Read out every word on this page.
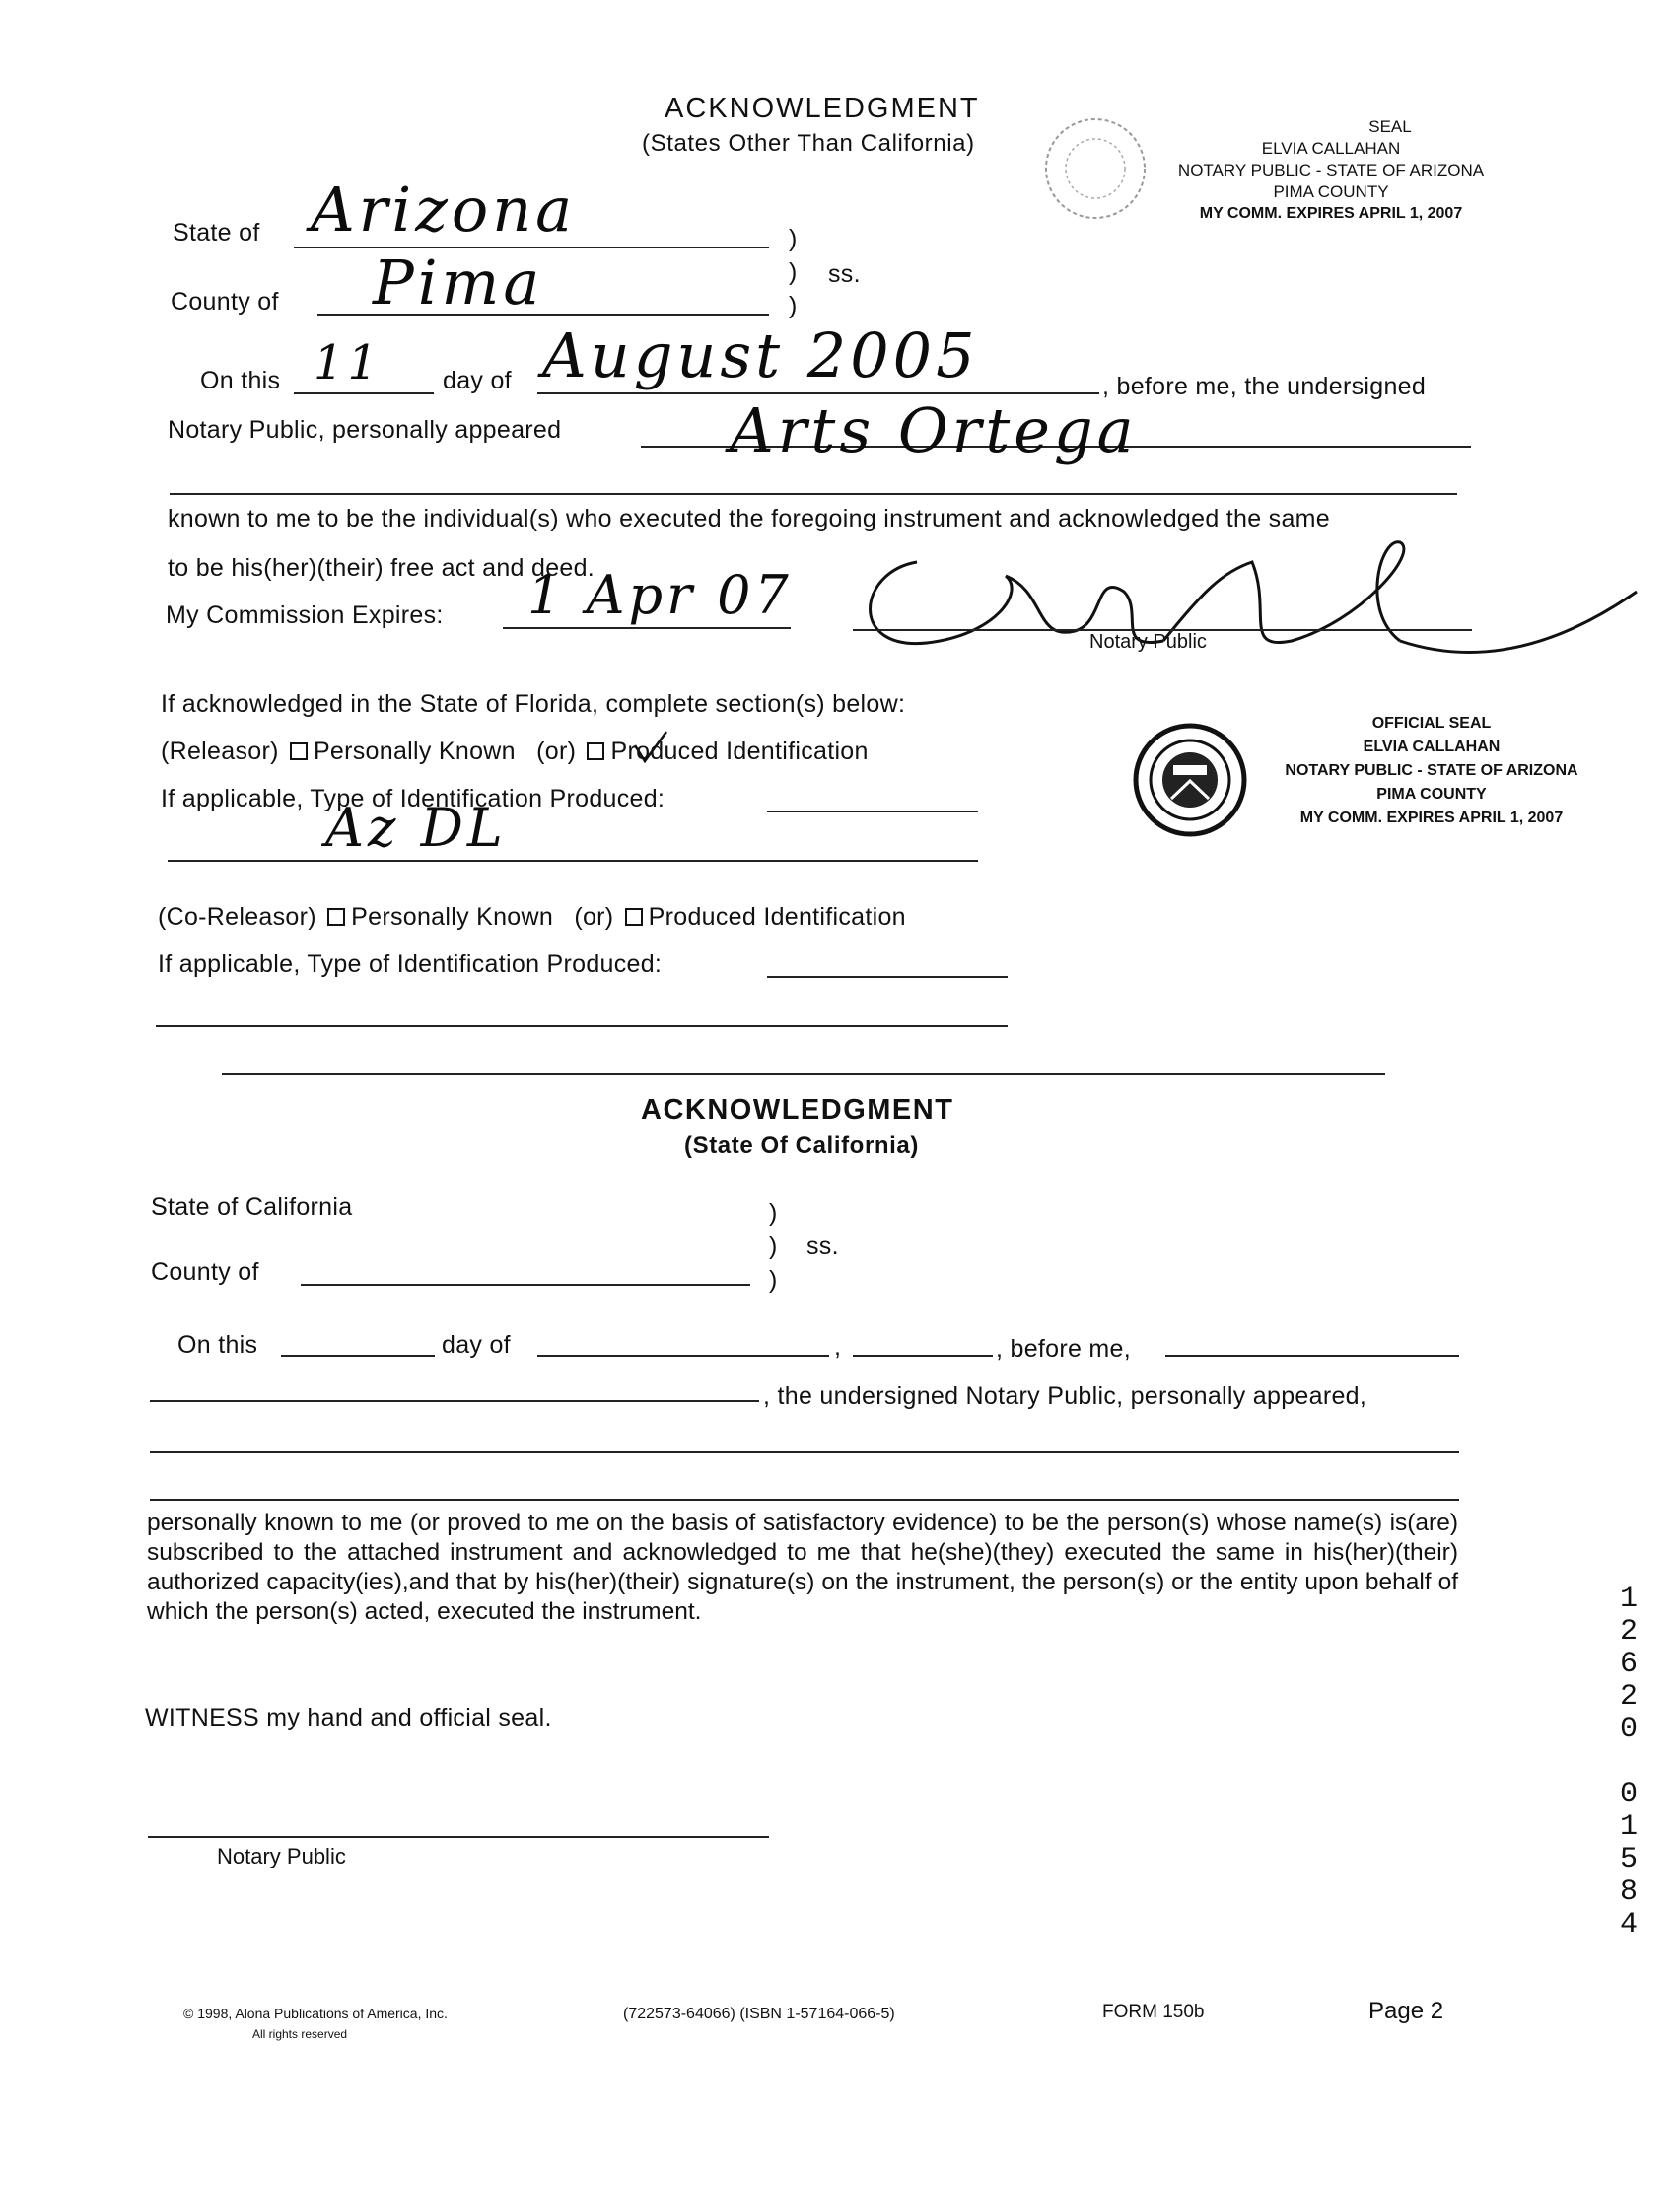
ACKNOWLEDGMENT
(States Other Than California)
SEAL
ELVIA CALLAHAN
NOTARY PUBLIC - STATE OF ARIZONA
PIMA COUNTY
MY COMM. EXPIRES APRIL 1, 2007
State of Arizona	)
) ss.
)
County of Pima
On this 11 day of August 2005	, before me, the undersigned
Notary Public, personally appeared	Arts Ortega
known to me to be the individual(s) who executed the foregoing instrument and acknowledged the same
to be his(her)(their) free act and deed.
My Commission Expires: 1 Apr 07
Notary Public
If acknowledged in the State of Florida, complete section(s) below:
(Releasor) Personally Known (or) Produced Identification
If applicable, Type of Identification Produced:
Az DL
OFFICIAL SEAL
ELVIA CALLAHAN
NOTARY PUBLIC - STATE OF ARIZONA
PIMA COUNTY
MY COMM. EXPIRES APRIL 1, 2007
(Co-Releasor) Personally Known (or) Produced Identification
If applicable, Type of Identification Produced:
ACKNOWLEDGMENT
(State Of California)
State of California	)
) ss.
)
County of
On this	day of	,	, before me,
, the undersigned Notary Public, personally appeared,
personally known to me (or proved to me on the basis of satisfactory evidence) to be the person(s) whose name(s) is(are) subscribed to the attached instrument and acknowledged to me that he(she)(they) executed the same in his(her)(their) authorized capacity(ies),and that by his(her)(their) signature(s) on the instrument, the person(s) or the entity upon behalf of which the person(s) acted, executed the instrument.
WITNESS my hand and official seal.
Notary Public
© 1998, Alona Publications of America, Inc.
All rights reserved
(722573-64066) (ISBN 1-57164-066-5)	FORM 150b	Page 2
1
2
6
2
0

0
1
5
8
4
